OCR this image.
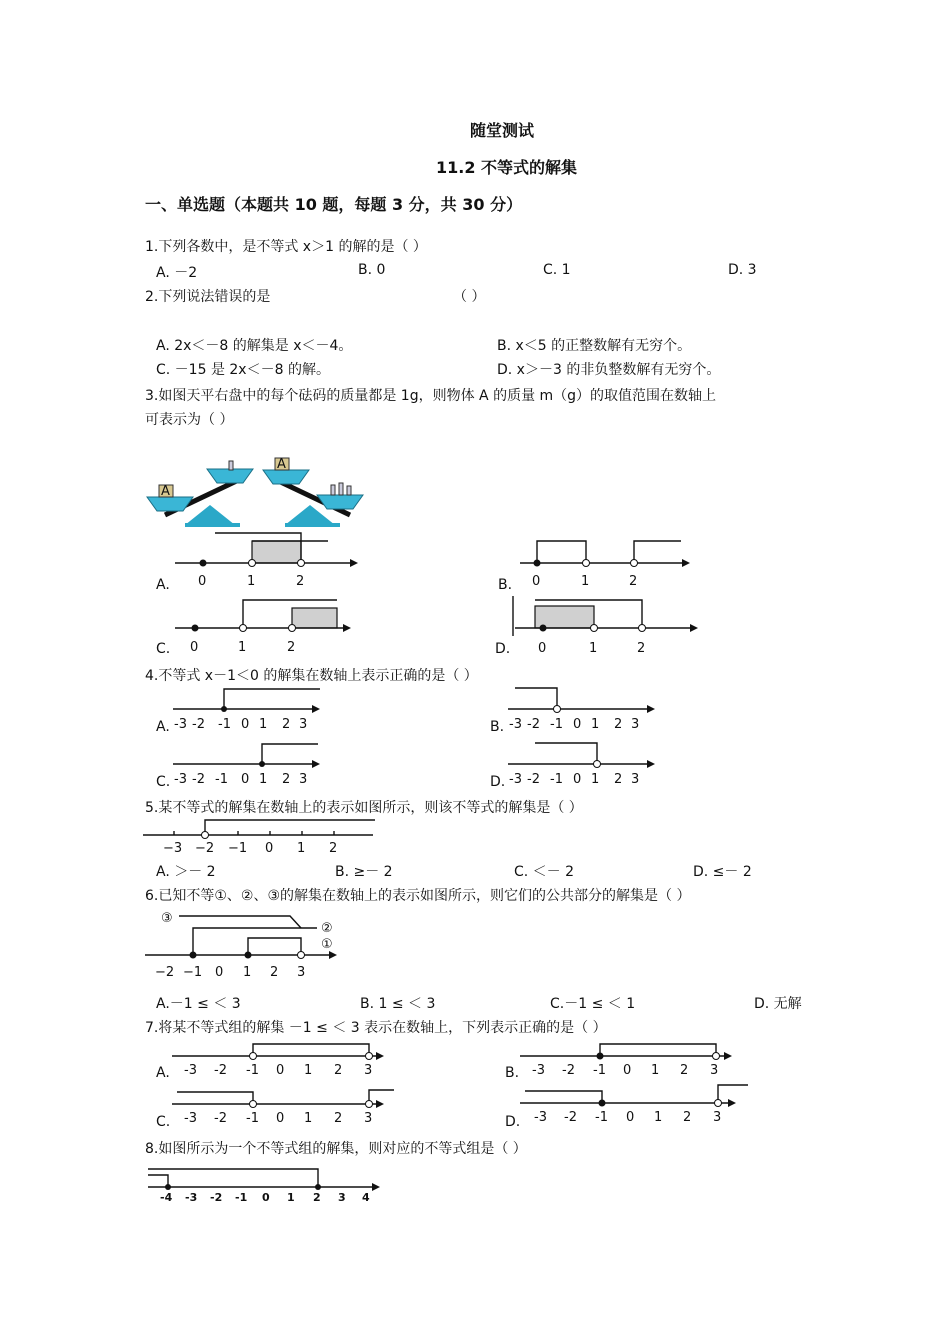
随堂测试
11.2 不等式的解集
一、单选题（本题共 10 题，每题 3 分，共 30 分）
1.下列各数中，是不等式 x＞1 的解的是（ ）
A. －2	B. 0	C. 1	D. 3
2.下列说法错误的是	（ ）
A. 2x＜－8 的解集是 x＜－4。	B. x＜5 的正整数解有无穷个。
C. －15 是 2x＜－8 的解。	D. x＞－3 的非负整数解有无穷个。
3.如图天平右盘中的每个砝码的质量都是 1g，则物体 A 的质量 m（g）的取值范围在数轴上
可表示为（ ）
A
A
A.	B.
C.	D.
0	1	2	0	1	2
0	1	2	0	1	2
4.不等式 x－1＜0 的解集在数轴上表示正确的是（ ）
A.	B.
C.	D.
-3 -2 -1 0 1 2 3	-3 -2 -1 0 1 2 3
-3 -2 -1 0 1 2 3	-3 -2 -1 0 1 2 3
5.某不等式的解集在数轴上的表示如图所示，则该不等式的解集是（ ）
−3 −2 −1 0 1 2
A. ＞－ 2	B. ≥－ 2	C. ＜－ 2	D. ≤－ 2
6.已知不等①、②、③的解集在数轴上的表示如图所示，则它们的公共部分的解集是（ ）
③
②
①
−2 −1 0 1 2 3
A.－1 ≤ ＜ 3	B. 1 ≤ ＜ 3	C.－1 ≤ ＜ 1	D. 无解
7.将某不等式组的解集 －1 ≤ ＜ 3 表示在数轴上，下列表示正确的是（ ）
A.	B.
C.	D.
-3 -2 -1 0 1 2 3	-3 -2 -1 0 1 2 3
-3 -2 -1 0 1 2 3	-3 -2 -1 0 1 2 3
8.如图所示为一个不等式组的解集，则对应的不等式组是（ ）
-4 -3 -2 -1 0 1 2 3 4
